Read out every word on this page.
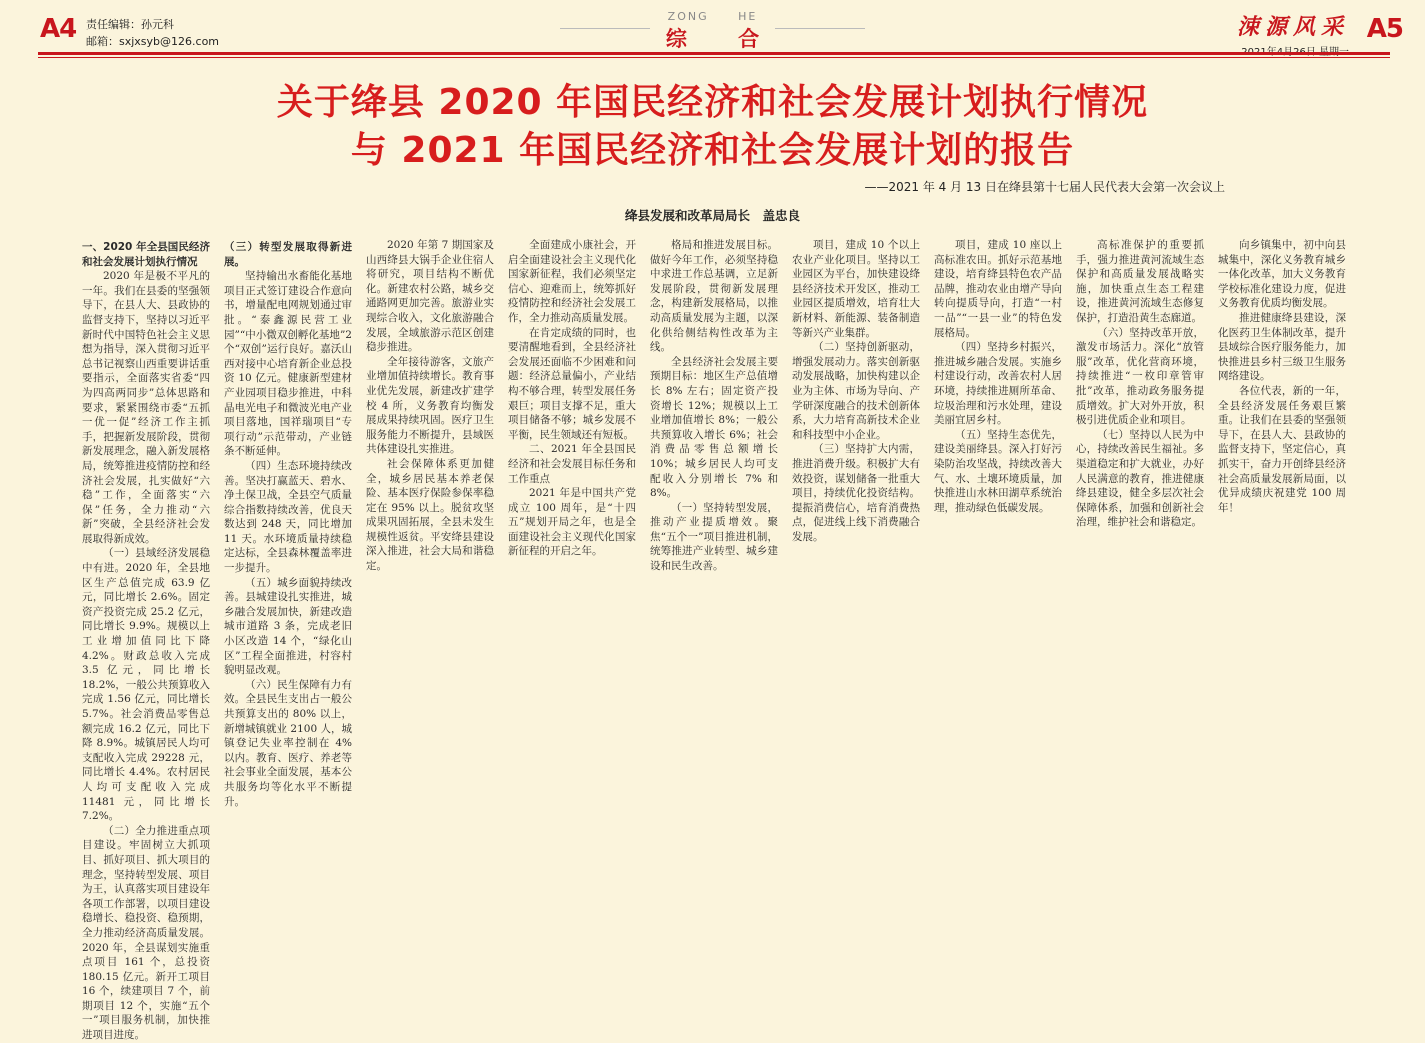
A4 责任编辑：孙元科
邮箱：sxjxsyb@126.com
ZONG	HE
综 合	涑源风采 A5
关于绛县 2020 年国民经济和社会发展计划执行情况
与 2021 年国民经济和社会发展计划的报告
——2021 年 4 月 13 日在绛县第十七届人民代表大会第一次会议上
绛县发展和改革局局长　盖忠良

一、2020 年全县国民经济和社会发展计划执行情况

2020 年是极不平凡的一年。我们在县委的坚强领导下，在县人大、县政协的监督支持下，坚持以习近平新时代中国特色社会主义思想为指导，深入贯彻习近平总书记视察山西重要讲话重要指示，全面落实省委“四为四高两同步”总体思路和要求，紧紧围绕市委“五抓一优一促”经济工作主抓手，把握新发展阶段，贯彻新发展理念，融入新发展格局，统筹推进疫情防控和经济社会发展，扎实做好“六稳”工作，全面落实“六保”任务，全力推动“六新”突破，全县经济社会发展取得新成效。

（一）县域经济发展稳中有进。2020 年，全县地区生产总值完成 63.9 亿元，同比增长 2.6%。固定资产投资完成 25.2 亿元，同比增长 9.9%。规模以上工业增加值同比下降 4.2%。财政总收入完成 3.5 亿元，同比增长 18.2%，一般公共预算收入完成 1.56 亿元，同比增长 5.7%。社会消费品零售总额完成 16.2 亿元，同比下降 8.9%。城镇居民人均可支配收入完成 29228 元，同比增长 4.4%。农村居民人均可支配收入完成 11481 元，同比增长 7.2%。

（二）全力推进重点项目建设。牢固树立大抓项目、抓好项目、抓大项目的理念，坚持转型发展、项目为王，认真落实项目建设年各项工作部署，以项目建设稳增长、稳投资、稳预期，全力推动经济高质量发展。2020 年，全县谋划实施重点项目 161 个，总投资 180.15 亿元。新开工项目 16 个，续建项目 7 个，前期项目 12 个，实施“五个一”项目服务机制，加快推进项目进度。

（三）转型发展取得新进展。

坚持输出水畜能化基地项目正式签订建设合作意向书，增量配电网规划通过审批。“泰鑫源民营工业园”“中小微双创孵化基地”2 个“双创”运行良好。嘉沃山西对接中心培育新企业总投资 10 亿元。健康新型建材产业园项目稳步推进，中科晶电光电子和微波光电产业项目落地，国祥瑞项目“专项行动”示范带动，产业链条不断延伸。

（四）生态环境持续改善。坚决打赢蓝天、碧水、净土保卫战，全县空气质量综合指数持续改善，优良天数达到 248 天，同比增加 11 天。水环境质量持续稳定达标，全县森林覆盖率进一步提升。

（五）城乡面貌持续改善。县城建设扎实推进，城乡融合发展加快，新建改造城市道路 3 条，完成老旧小区改造 14 个，“绿化山区”工程全面推进，村容村貌明显改观。

（六）民生保障有力有效。全县民生支出占一般公共预算支出的 80% 以上，新增城镇就业 2100 人，城镇登记失业率控制在 4% 以内。教育、医疗、养老等社会事业全面发展，基本公共服务均等化水平不断提升。

2020 年第 7 期国家及山西绛县大锅手企业住宿人将研究，项目结构不断优化。新建农村公路，城乡交通路网更加完善。旅游业实现综合收入，文化旅游融合发展，全域旅游示范区创建稳步推进。

全年接待游客，文旅产业增加值持续增长。教育事业优先发展，新建改扩建学校 4 所，义务教育均衡发展成果持续巩固。医疗卫生服务能力不断提升，县域医共体建设扎实推进。

社会保障体系更加健全，城乡居民基本养老保险、基本医疗保险参保率稳定在 95% 以上。脱贫攻坚成果巩固拓展，全县未发生规模性返贫。平安绛县建设深入推进，社会大局和谐稳定。

全面建成小康社会，开启全面建设社会主义现代化国家新征程，我们必须坚定信心、迎难而上，统筹抓好疫情防控和经济社会发展工作，全力推动高质量发展。

在肯定成绩的同时，也要清醒地看到，全县经济社会发展还面临不少困难和问题：经济总量偏小，产业结构不够合理，转型发展任务艰巨；项目支撑不足，重大项目储备不够；城乡发展不平衡，民生领域还有短板。

二、2021 年全县国民经济和社会发展目标任务和工作重点

2021 年是中国共产党成立 100 周年，是“十四五”规划开局之年，也是全面建设社会主义现代化国家新征程的开启之年。

格局和推进发展目标。做好今年工作，必须坚持稳中求进工作总基调，立足新发展阶段，贯彻新发展理念，构建新发展格局，以推动高质量发展为主题，以深化供给侧结构性改革为主线。

全县经济社会发展主要预期目标：地区生产总值增长 8% 左右；固定资产投资增长 12%；规模以上工业增加值增长 8%；一般公共预算收入增长 6%；社会消费品零售总额增长 10%；城乡居民人均可支配收入分别增长 7% 和 8%。

（一）坚持转型发展，推动产业提质增效。聚焦“五个一”项目推进机制，统筹推进产业转型、城乡建设和民生改善。

项目，建成 10 个以上农业产业化项目。坚持以工业园区为平台，加快建设绛县经济技术开发区，推动工业园区提质增效，培育壮大新材料、新能源、装备制造等新兴产业集群。

（二）坚持创新驱动，增强发展动力。落实创新驱动发展战略，加快构建以企业为主体、市场为导向、产学研深度融合的技术创新体系，大力培育高新技术企业和科技型中小企业。

（三）坚持扩大内需，推进消费升级。积极扩大有效投资，谋划储备一批重大项目，持续优化投资结构。提振消费信心，培育消费热点，促进线上线下消费融合发展。

项目，建成 10 座以上高标准农田。抓好示范基地建设，培育绛县特色农产品品牌，推动农业由增产导向转向提质导向，打造“一村一品”“一县一业”的特色发展格局。

（四）坚持乡村振兴，推进城乡融合发展。实施乡村建设行动，改善农村人居环境，持续推进厕所革命、垃圾治理和污水处理，建设美丽宜居乡村。

（五）坚持生态优先，建设美丽绛县。深入打好污染防治攻坚战，持续改善大气、水、土壤环境质量，加快推进山水林田湖草系统治理，推动绿色低碳发展。

高标准保护的重要抓手，强力推进黄河流域生态保护和高质量发展战略实施，加快重点生态工程建设，推进黄河流域生态修复保护，打造沿黄生态廊道。

（六）坚持改革开放，激发市场活力。深化“放管服”改革，优化营商环境，持续推进“一枚印章管审批”改革，推动政务服务提质增效。扩大对外开放，积极引进优质企业和项目。

（七）坚持以人民为中心，持续改善民生福祉。多渠道稳定和扩大就业，办好人民满意的教育，推进健康绛县建设，健全多层次社会保障体系，加强和创新社会治理，维护社会和谐稳定。

向乡镇集中，初中向县城集中，深化义务教育城乡一体化改革，加大义务教育学校标准化建设力度，促进义务教育优质均衡发展。

推进健康绛县建设，深化医药卫生体制改革，提升县域综合医疗服务能力，加快推进县乡村三级卫生服务网络建设。

各位代表，新的一年，全县经济发展任务艰巨繁重。让我们在县委的坚强领导下，在县人大、县政协的监督支持下，坚定信心，真抓实干，奋力开创绛县经济社会高质量发展新局面，以优异成绩庆祝建党 100 周年！
